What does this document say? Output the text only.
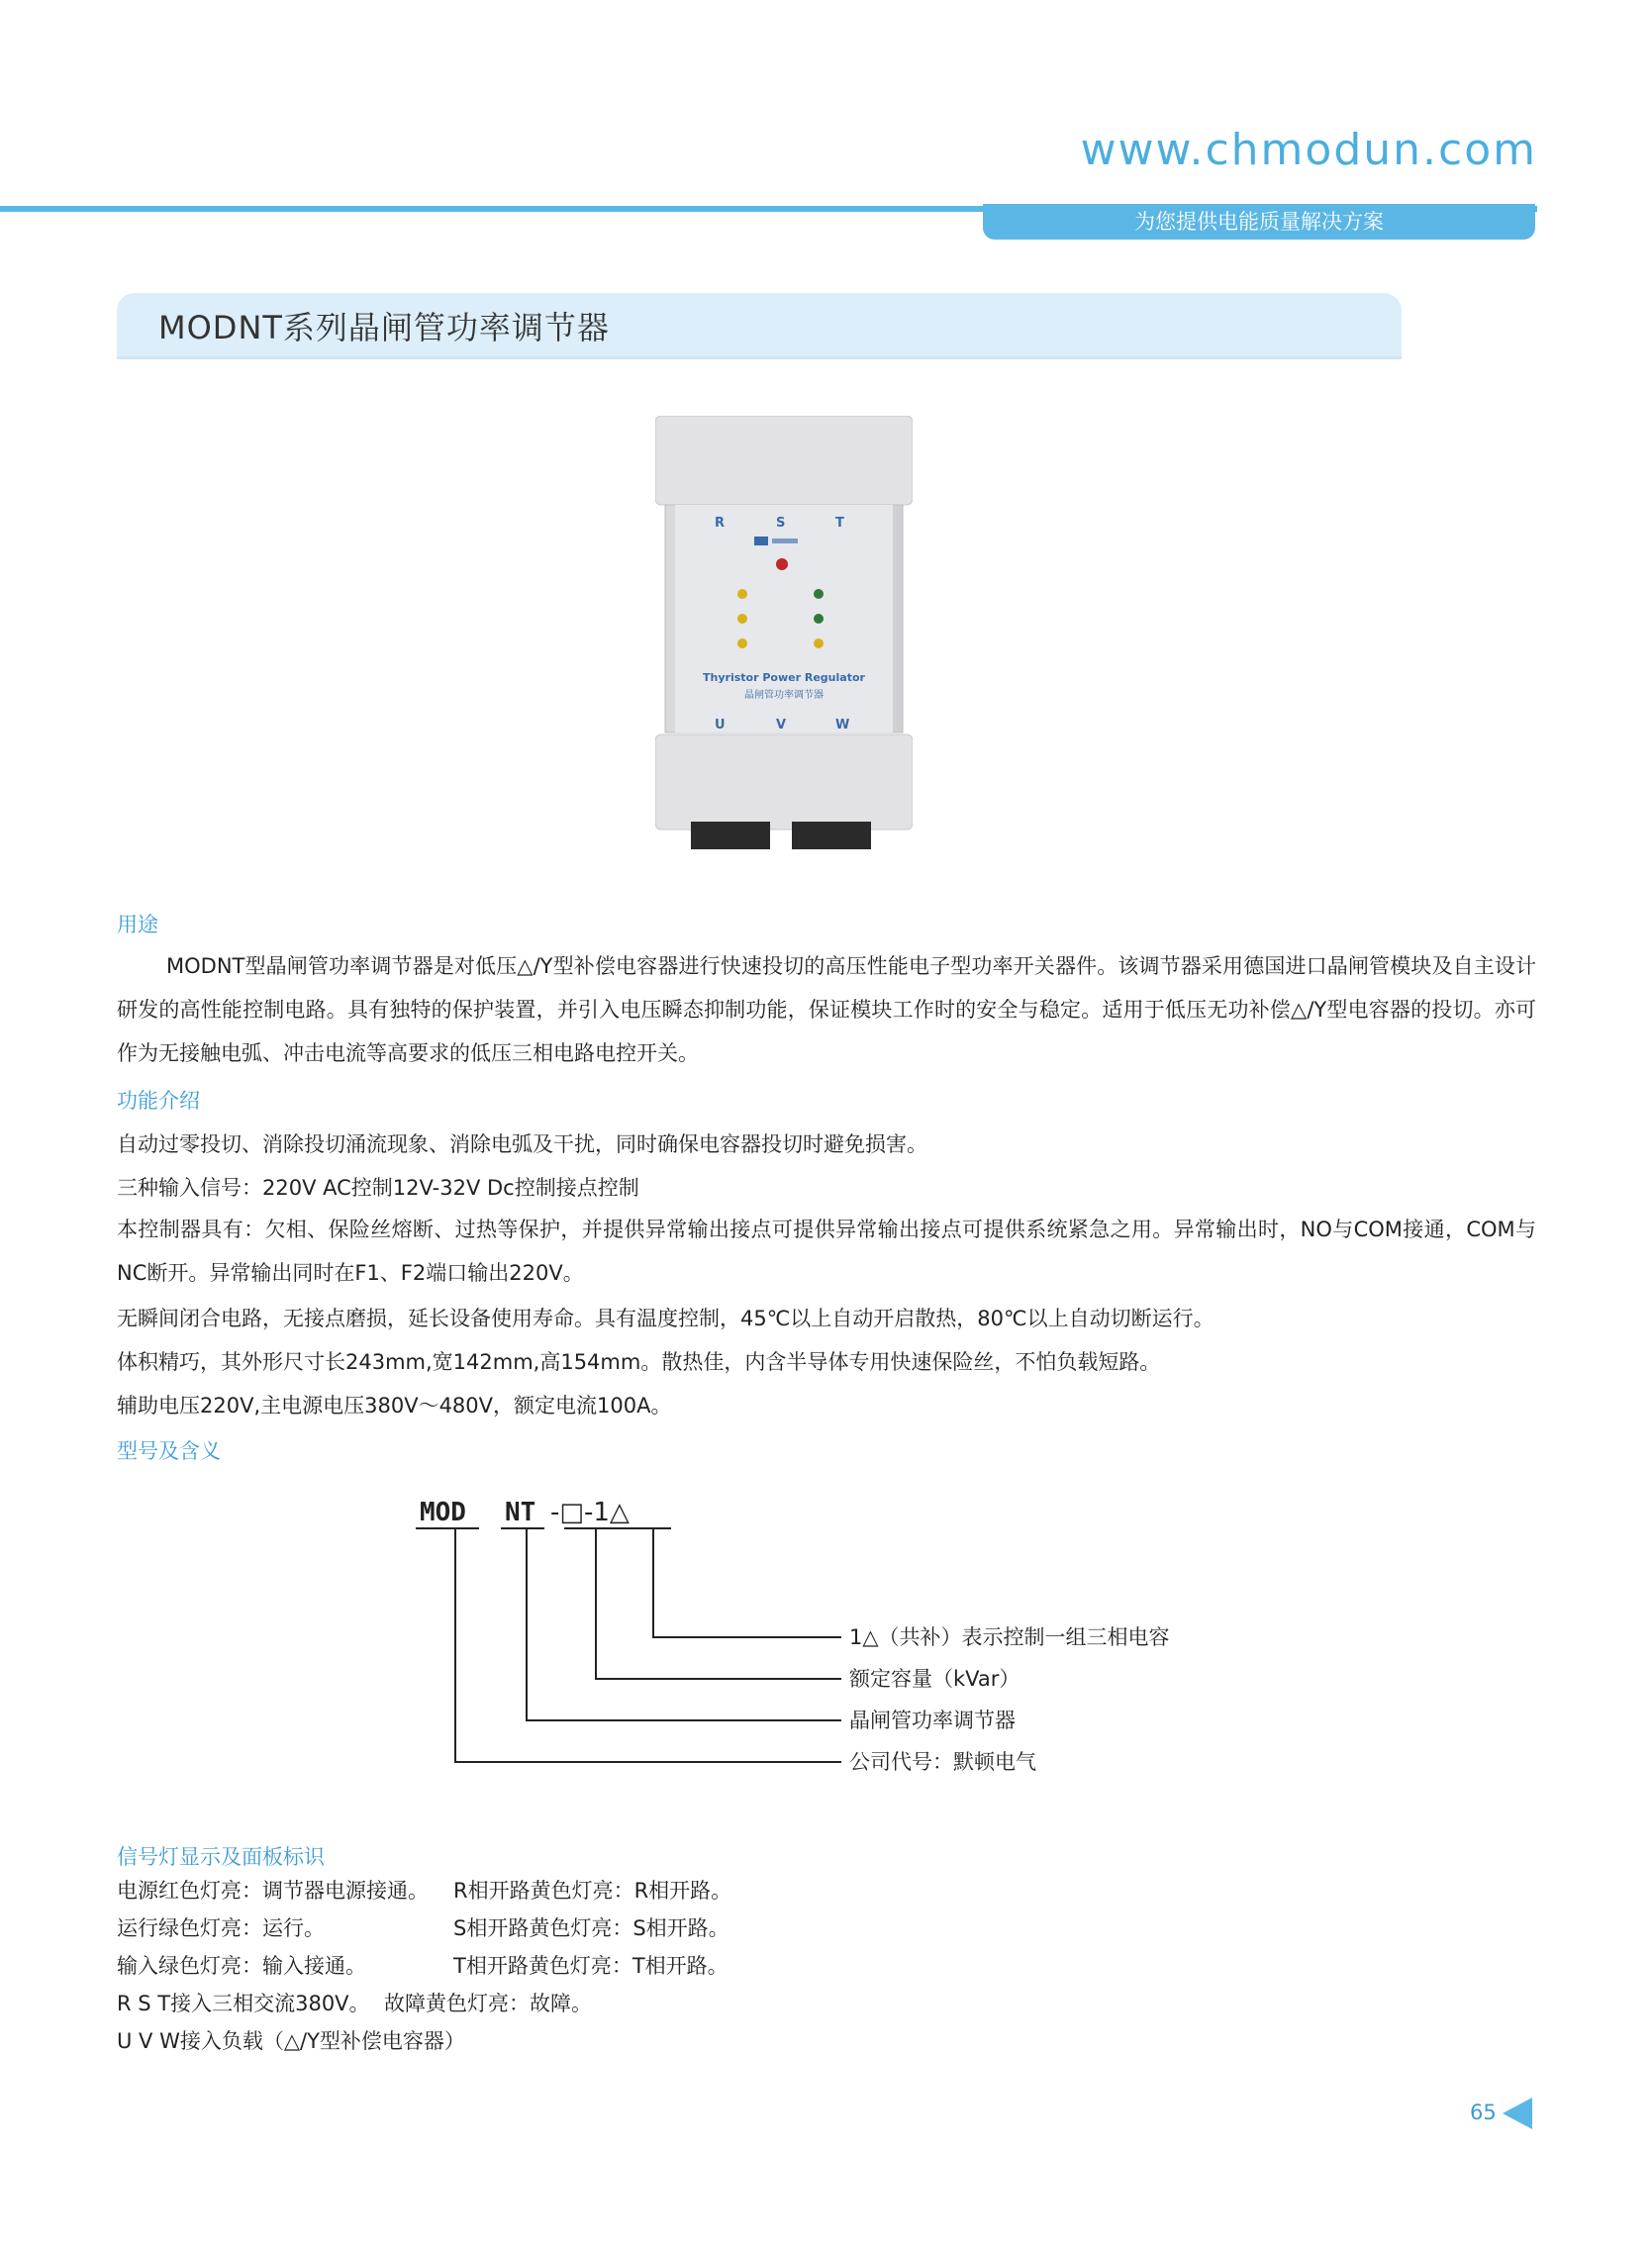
www.chmodun.com
为您提供电能质量解决方案
MODNT系列晶闸管功率调节器
R	S	T
Thyristor Power Regulator
晶闸管功率调节器
U	V	W
用途

MODNT型晶闸管功率调节器是对低压△/Y型补偿电容器进行快速投切的高压性能电子型功率开关器件。该调节器采用德国进口晶闸管模块及自主设计研发的高性能控制电路。具有独特的保护装置，并引入电压瞬态抑制功能，保证模块工作时的安全与稳定。适用于低压无功补偿△/Y型电容器的投切。亦可作为无接触电弧、冲击电流等高要求的低压三相电路电控开关。

功能介绍
自动过零投切、消除投切涌流现象、消除电弧及干扰，同时确保电容器投切时避免损害。
三种输入信号：220V AC控制12V-32V Dc控制接点控制

本控制器具有：欠相、保险丝熔断、过热等保护，并提供异常输出接点可提供异常输出接点可提供系统紧急之用。异常输出时，NO与COM接通，COM与NC断开。异常输出同时在F1、F2端口输出220V。

无瞬间闭合电路，无接点磨损，延长设备使用寿命。具有温度控制，45℃以上自动开启散热，80℃以上自动切断运行。
体积精巧，其外形尺寸长243mm,宽142mm,高154mm。散热佳，内含半导体专用快速保险丝，不怕负载短路。
辅助电压220V,主电源电压380V～480V，额定电流100A。
型号及含义
MOD NT -□-1△
1△（共补）表示控制一组三相电容
额定容量（kVar）
晶闸管功率调节器
公司代号：默顿电气
信号灯显示及面板标识
电源红色灯亮：调节器电源接通。 R相开路黄色灯亮：R相开路。
运行绿色灯亮：运行。	S相开路黄色灯亮：S相开路。
输入绿色灯亮：输入接通。	T相开路黄色灯亮：T相开路。
R S T接入三相交流380V。 故障黄色灯亮：故障。
U V W接入负载（△/Y型补偿电容器）
65
